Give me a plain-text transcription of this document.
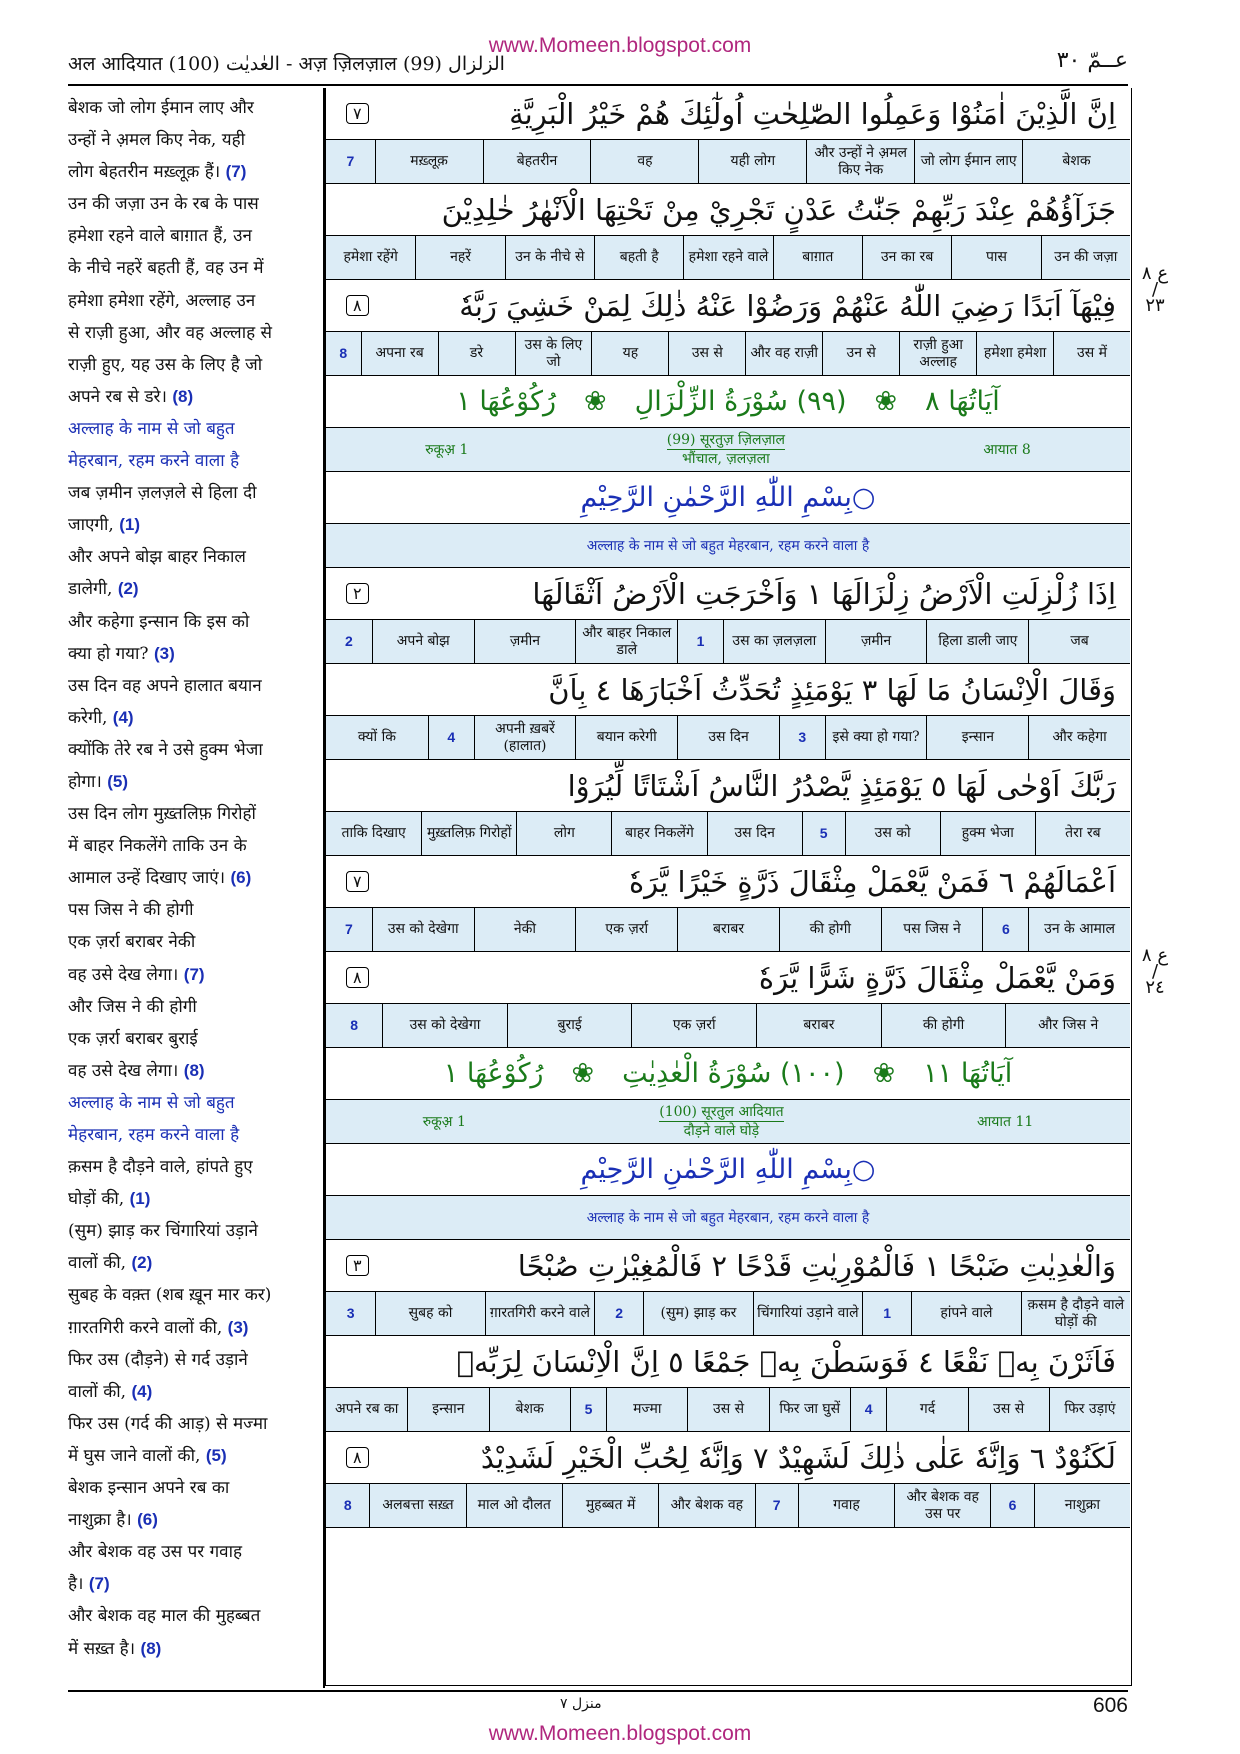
www.Momeen.blogspot.com
अल आदियात (100) العٰدیٰت - अज़ ज़िलज़ाल (99) الزلزال	عــمّ ٣٠
बेशक जो लोग ईमान लाए और
उन्हों ने अ़मल किए नेक, यही
लोग बेहतरीन मख़्लूक़ हैं। (7)
उन की जज़ा उन के रब के पास
हमेशा रहने वाले बाग़ात हैं, उन
के नीचे नहरें बहती हैं, वह उन में
हमेशा हमेशा रहेंगे, अल्लाह उन
से राज़ी हुआ, और वह अल्लाह से
राज़ी हुए, यह उस के लिए है जो
अपने रब से डरे। (8)
अल्लाह के नाम से जो बहुत
मेहरबान, रहम करने वाला है
जब ज़मीन ज़लज़ले से हिला दी
जाएगी, (1)
और अपने बोझ बाहर निकाल
डालेगी, (2)
और कहेगा इन्सान कि इस को
क्या हो गया? (3)
उस दिन वह अपने हालात बयान
करेगी, (4)
क्योंकि तेरे रब ने उसे हुक्म भेजा
होगा। (5)
उस दिन लोग मुख़्तलिफ़ गिरोहों
में बाहर निकलेंगे ताकि उन के
आमाल उन्हें दिखाए जाएं। (6)
पस जिस ने की होगी
एक ज़र्रा बराबर नेकी
वह उसे देख लेगा। (7)
और जिस ने की होगी
एक ज़र्रा बराबर बुराई
वह उसे देख लेगा। (8)
अल्लाह के नाम से जो बहुत
मेहरबान, रहम करने वाला है
क़सम है दौड़ने वाले, हांपते हुए
घोड़ों की, (1)
(सुम) झाड़ कर चिंगारियां उड़ाने
वालों की, (2)
सुबह के वक़्त (शब ख़ून मार कर)
ग़ारतगिरी करने वालों की, (3)
फिर उस (दौड़ने) से गर्द उड़ाने
वालों की, (4)
फिर उस (गर्द की आड़) से मज्मा
में घुस जाने वालों की, (5)
बेशक इन्सान अपने रब का
नाशुक्रा है। (6)
और बेशक वह उस पर गवाह
है। (7)
और बेशक वह माल की मुहब्बत
में सख़्त है। (8)
اِنَّ الَّذِيْنَ اٰمَنُوْا وَعَمِلُوا الصّٰلِحٰتِ اُولٰٓئِكَ هُمْ خَيْرُ الْبَرِيَّةِ
٧
बेशक
जो लोग ईमान लाए
और उन्हों ने अ़मल किए नेक
यही लोग
वह
बेहतरीन
मख़्लूक़
7
جَزَآؤُهُمْ عِنْدَ رَبِّهِمْ جَنّٰتُ عَدْنٍ تَجْرِيْ مِنْ تَحْتِهَا الْاَنْهٰرُ خٰلِدِيْنَ
उन की जज़ा
पास
उन का रब
बाग़ात
हमेशा रहने वाले
बहती है
उन के नीचे से
नहरें
हमेशा रहेंगे
فِيْهَآ اَبَدًا رَضِيَ اللّٰهُ عَنْهُمْ وَرَضُوْا عَنْهُ ذٰلِكَ لِمَنْ خَشِيَ رَبَّهٗ
٨
उस में
हमेशा हमेशा
राज़ी हुआ अल्लाह
उन से
और वह राज़ी
उस से
यह
उस के लिए जो
डरे
अपना रब
8
آيَاتُهَا ٨
❀
(٩٩) سُوْرَةُ الزِّلْزَالِ
❀
رُكُوْعُهَا ١
रुकूअ़ 1
(99) सूरतुज़ ज़िलज़ाल
भौंचाल, ज़लज़ला
आयात 8
بِسْمِ اللّٰهِ الرَّحْمٰنِ الرَّحِيْمِ○
अल्लाह के नाम से जो बहुत मेहरबान, रहम करने वाला है
اِذَا زُلْزِلَتِ الْاَرْضُ زِلْزَالَهَا ١ وَاَخْرَجَتِ الْاَرْضُ اَثْقَالَهَا
٢
जब
हिला डाली जाए
ज़मीन
उस का ज़लज़ला
1
और बाहर निकाल डाले
ज़मीन
अपने बोझ
2
وَقَالَ الْاِنْسَانُ مَا لَهَا ٣ يَوْمَئِذٍ تُحَدِّثُ اَخْبَارَهَا ٤ بِاَنَّ
और कहेगा
इन्सान
इसे क्या हो गया?
3
उस दिन
बयान करेगी
अपनी ख़बरें (हालात)
4
क्यों कि
رَبَّكَ اَوْحٰى لَهَا ٥ يَوْمَئِذٍ يَّصْدُرُ النَّاسُ اَشْتَاتًا لِّيُرَوْا
तेरा रब
हुक्म भेजा
उस को
5
उस दिन
बाहर निकलेंगे
लोग
मुख़्तलिफ़ गिरोहों
ताकि दिखाए
اَعْمَالَهُمْ ٦ فَمَنْ يَّعْمَلْ مِثْقَالَ ذَرَّةٍ خَيْرًا يَّرَهٗ
٧
उन के आमाल
6
पस जिस ने
की होगी
बराबर
एक ज़र्रा
नेकी
उस को देखेगा
7
وَمَنْ يَّعْمَلْ مِثْقَالَ ذَرَّةٍ شَرًّا يَّرَهٗ
٨
और जिस ने
की होगी
बराबर
एक ज़र्रा
बुराई
उस को देखेगा
8
آيَاتُهَا ١١
❀
(١٠٠) سُوْرَةُ الْعٰدِيٰتِ
❀
رُكُوْعُهَا ١
रुकूअ़ 1
(100) सूरतुल आदियात
दौड़ने वाले घोड़े
आयात 11
بِسْمِ اللّٰهِ الرَّحْمٰنِ الرَّحِيْمِ○
अल्लाह के नाम से जो बहुत मेहरबान, रहम करने वाला है
وَالْعٰدِيٰتِ ضَبْحًا ١ فَالْمُوْرِيٰتِ قَدْحًا ٢ فَالْمُغِيْرٰتِ صُبْحًا
٣
क़सम है दौड़ने वाले घोड़ों की
हांपने वाले
1
चिंगारियां उड़ाने वाले
(सुम) झाड़ कर
2
ग़ारतगिरी करने वाले
सुबह को
3
فَاَثَرْنَ بِهٖ نَقْعًا ٤ فَوَسَطْنَ بِهٖ جَمْعًا ٥ اِنَّ الْاِنْسَانَ لِرَبِّهٖ
फिर उड़ाएं
उस से
गर्द
4
फिर जा घुसें
उस से
मज्मा
5
बेशक
इन्सान
अपने रब का
لَكَنُوْدٌ ٦ وَاِنَّهٗ عَلٰى ذٰلِكَ لَشَهِيْدٌ ٧ وَاِنَّهٗ لِحُبِّ الْخَيْرِ لَشَدِيْدٌ
٨
नाशुक्रा
6
और बेशक वह उस पर
गवाह
7
और बेशक वह
मुहब्बत में
माल ओ दौलत
अलबत्ता सख़्त
8
ع ٨ / ٢٣
ع ٨ / ٢٤
منزل ٧	606
www.Momeen.blogspot.com
